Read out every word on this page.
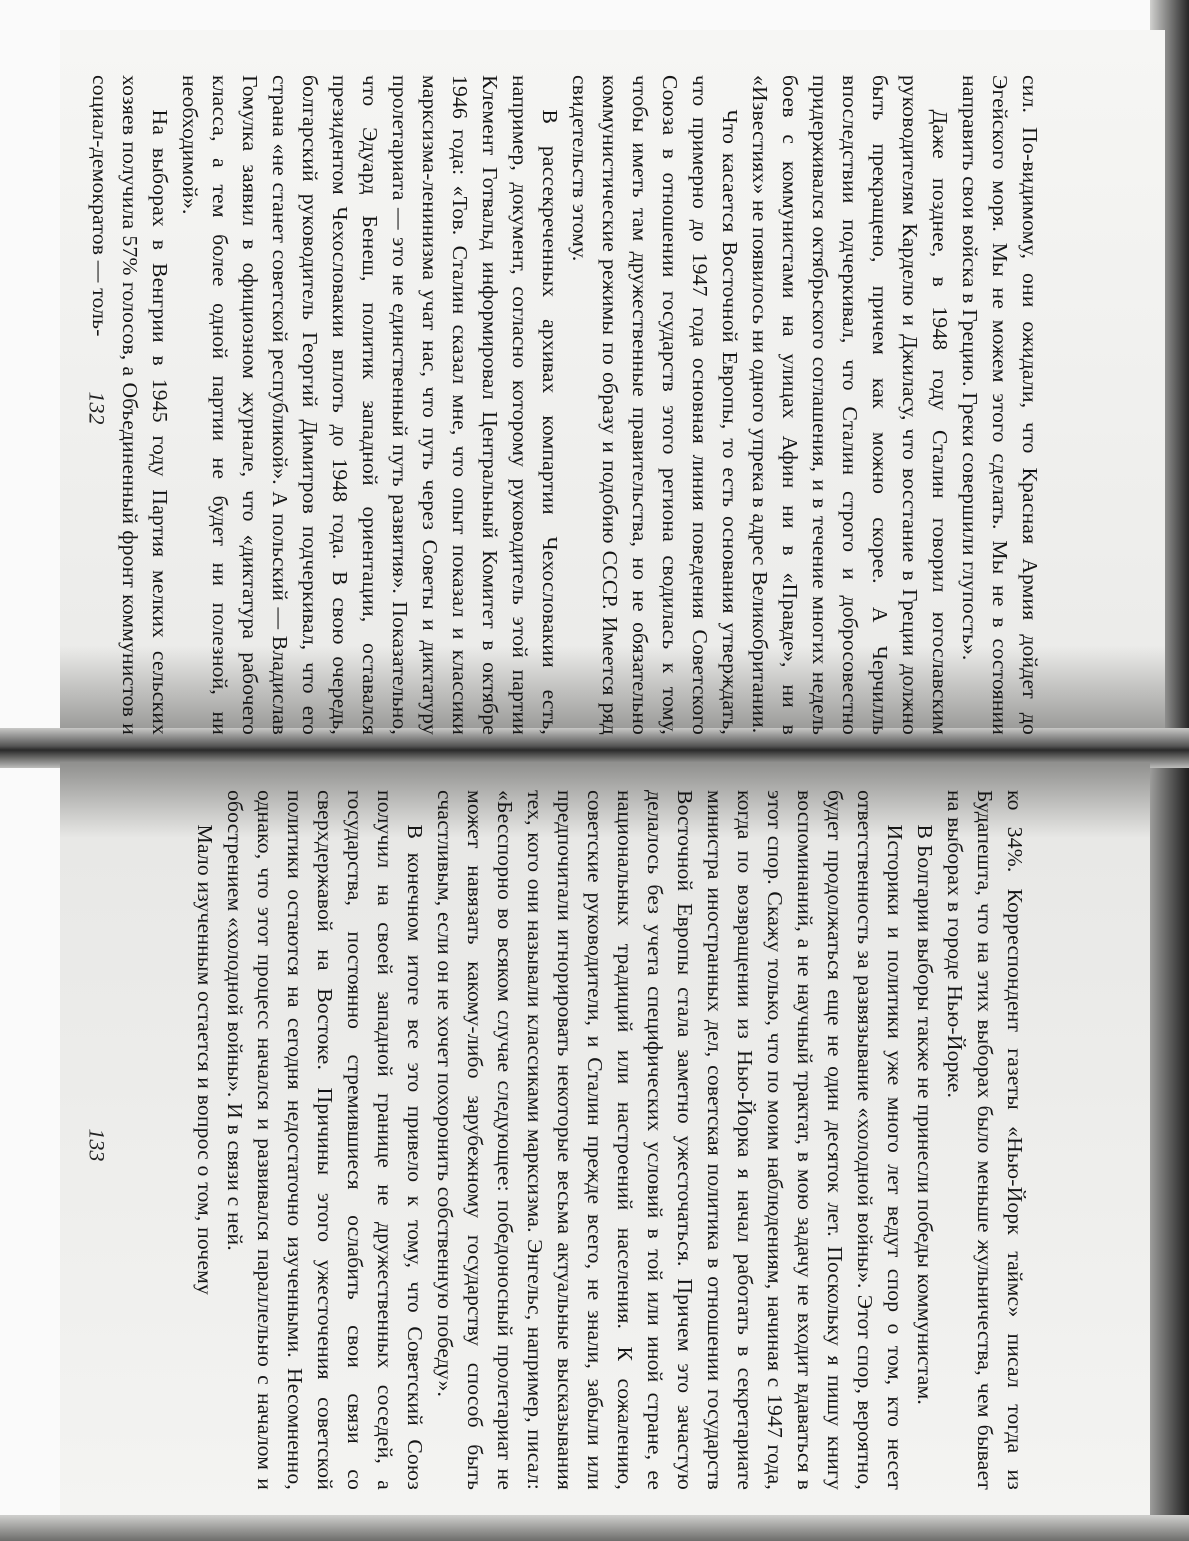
сил. По-видимому, они ожидали, что Красная Армия дойдет до Эгейского моря. Мы не можем этого сделать. Мы не в состоянии направить свои войска в Грецию. Греки совершили глупость».

Даже позднее, в 1948 году Сталин говорил югославским руководителям Карделю и Джиласу, что восстание в Греции должно быть прекращено, причем как можно скорее. А Черчилль впоследствии подчеркивал, что Сталин строго и добросовестно придерживался октябрьского соглашения, и в течение многих недель боев с коммунистами на улицах Афин ни в «Правде», ни в «Известиях» не появилось ни одного упрека в адрес Великобритании.

Что касается Восточной Европы, то есть основания утверждать, что примерно до 1947 года основная линия поведения Советского Союза в отношении государств этого региона сводилась к тому, чтобы иметь там дружественные правительства, но не обязательно коммунистические режимы по образу и подобию СССР. Имеется ряд свидетельств этому.

В рассекреченных архивах компартии Чехословакии есть, например, документ, согласно которому руководитель этой партии Клемент Готвальд информировал Центральный Комитет в октябре 1946 года: «Тов. Сталин сказал мне, что опыт показал и классики марксизма-ленинизма учат нас, что путь через Советы и диктатуру пролетариата — это не единственный путь развития». Показательно, что Эдуард Бенеш, политик западной ориентации, оставался президентом Чехословакии вплоть до 1948 года. В свою очередь, болгарский руководитель Георгий Димитров подчеркивал, что его страна «не станет советской республикой». А польский — Владислав Гомулка заявил в официозном журнале, что «диктатура рабочего класса, а тем более одной партии не будет ни полезной, ни необходимой».

На выборах в Венгрии в 1945 году Партия мелких сельских хозяев получила 57% голосов, а Объединенный фронт коммунистов и социал-демократов — толь-

132

ко 34%. Корреспондент газеты «Нью-Йорк таймс» писал тогда из Будапешта, что на этих выборах было меньше жульничества, чем бывает на выборах в городе Нью-Йорке.

В Болгарии выборы также не принесли победы коммунистам.

Историки и политики уже много лет ведут спор о том, кто несет ответственность за развязывание «холодной войны». Этот спор, вероятно, будет продолжаться еще не один десяток лет. Поскольку я пишу книгу воспоминаний, а не научный трактат, в мою задачу не входит вдаваться в этот спор. Скажу только, что по моим наблюдениям, начиная с 1947 года, когда по возвращении из Нью-Йорка я начал работать в секретариате министра иностранных дел, советская политика в отношении государств Восточной Европы стала заметно ужесточаться. Причем это зачастую делалось без учета специфических условий в той или иной стране, ее национальных традиций или настроений населения. К сожалению, советские руководители, и Сталин прежде всего, не знали, забыли или предпочитали игнорировать некоторые весьма актуальные высказывания тех, кого они называли классиками марксизма. Энгельс, например, писал: «Бесспорно во всяком случае следующее: победоносный пролетариат не может навязать какому-либо зарубежному государству способ быть счастливым, если он не хочет похоронить собственную победу».

В конечном итоге все это привело к тому, что Советский Союз получил на своей западной границе не дружественных соседей, а государства, постоянно стремившиеся ослабить свои связи со сверхдержавой на Востоке. Причины этого ужесточения советской политики остаются на сегодня недостаточно изученными. Несомненно, однако, что этот процесс начался и развивался параллельно с началом и обострением «холодной войны». И в связи с ней.

Мало изученным остается и вопрос о том, почему

133
